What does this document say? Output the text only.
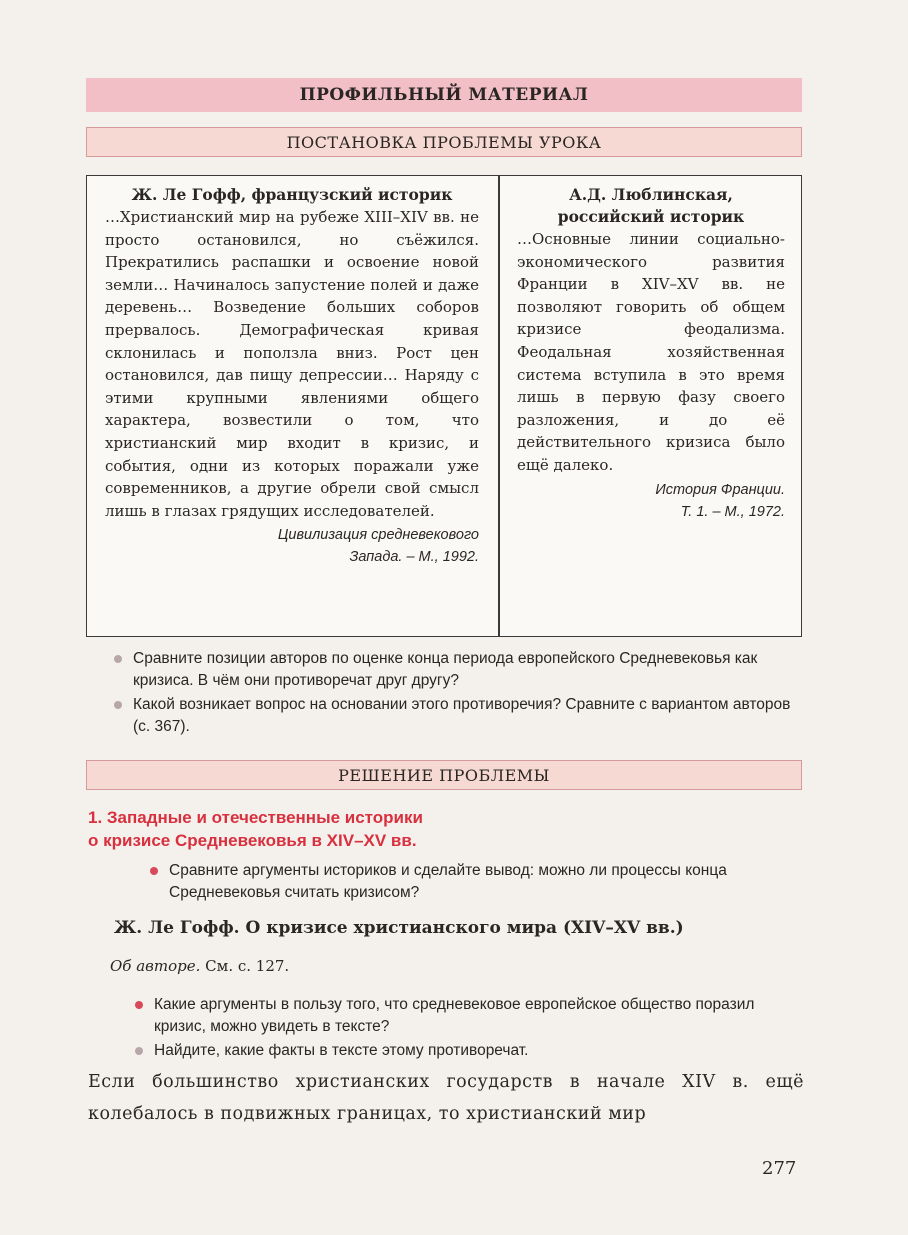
ПРОФИЛЬНЫЙ МАТЕРИАЛ
ПОСТАНОВКА ПРОБЛЕМЫ УРОКА
Ж. Ле Гофф, французский историк

…Христианский мир на рубеже XIII–XIV вв. не просто остановился, но съёжился. Прекратились распашки и освоение новой земли… Начиналось запустение полей и даже деревень… Возведение больших соборов прервалось. Демографическая кривая склонилась и поползла вниз. Рост цен остановился, дав пищу депрессии… Наряду с этими крупными явлениями общего характера, возвестили о том, что христианский мир входит в кризис, и события, одни из которых поражали уже современников, а другие обрели свой смысл лишь в глазах грядущих исследователей.

Цивилизация средневекового
Запада. – М., 1992.
А.Д. Люблинская,
российский историк

…Основные линии социально-экономического развития Франции в XIV–XV вв. не позволяют говорить об общем кризисе феодализма. Феодальная хозяйственная система вступила в это время лишь в первую фазу своего разложения, и до её действительного кризиса было ещё далеко.

История Франции.
Т. 1. – М., 1972.
Сравните позиции авторов по оценке конца периода европейского Средневековья как кризиса. В чём они противоречат друг другу?
Какой возникает вопрос на основании этого противоречия? Сравните с вариантом авторов (с. 367).
РЕШЕНИЕ ПРОБЛЕМЫ
1. Западные и отечественные историки
о кризисе Средневековья в XIV–XV вв.
Сравните аргументы историков и сделайте вывод: можно ли процессы конца Средневековья считать кризисом?
Ж. Ле Гофф. О кризисе христианского мира (XIV–XV вв.)
Об авторе. См. с. 127.
Какие аргументы в пользу того, что средневековое европейское общество поразил кризис, можно увидеть в тексте?
Найдите, какие факты в тексте этому противоречат.
Если большинство христианских государств в начале XIV в. ещё колебалось в подвижных границах, то христианский мир
277
